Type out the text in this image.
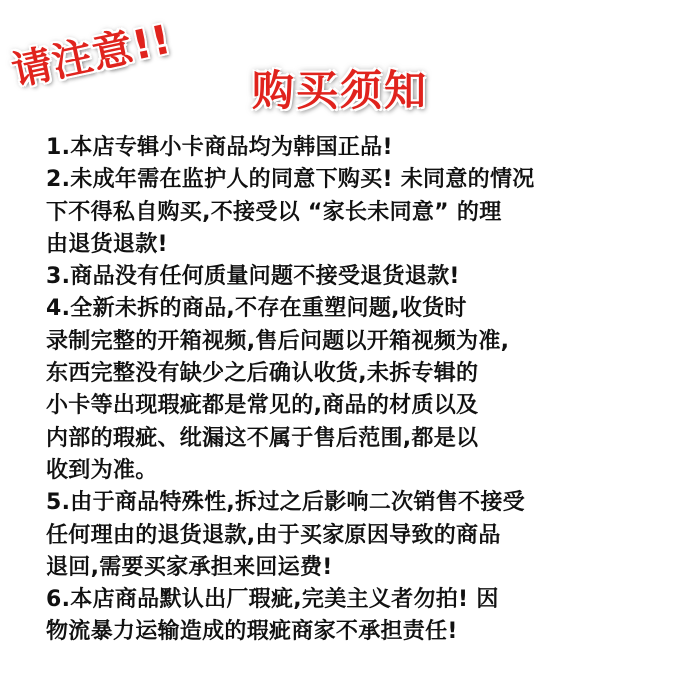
请注意!!	购买须知
1.本店专辑小卡商品均为韩国正品!
2.未成年需在监护人的同意下购买! 未同意的情况
下不得私自购买,不接受以 “家长未同意” 的理
由退货退款!
3.商品没有任何质量问题不接受退货退款!
4.全新未拆的商品,不存在重塑问题,收货时
录制完整的开箱视频,售后问题以开箱视频为准,
东西完整没有缺少之后确认收货,未拆专辑的
小卡等出现瑕疵都是常见的,商品的材质以及
内部的瑕疵、纰漏这不属于售后范围,都是以
收到为准。
5.由于商品特殊性,拆过之后影响二次销售不接受
任何理由的退货退款,由于买家原因导致的商品
退回,需要买家承担来回运费!
6.本店商品默认出厂瑕疵,完美主义者勿拍! 因
物流暴力运输造成的瑕疵商家不承担责任!
